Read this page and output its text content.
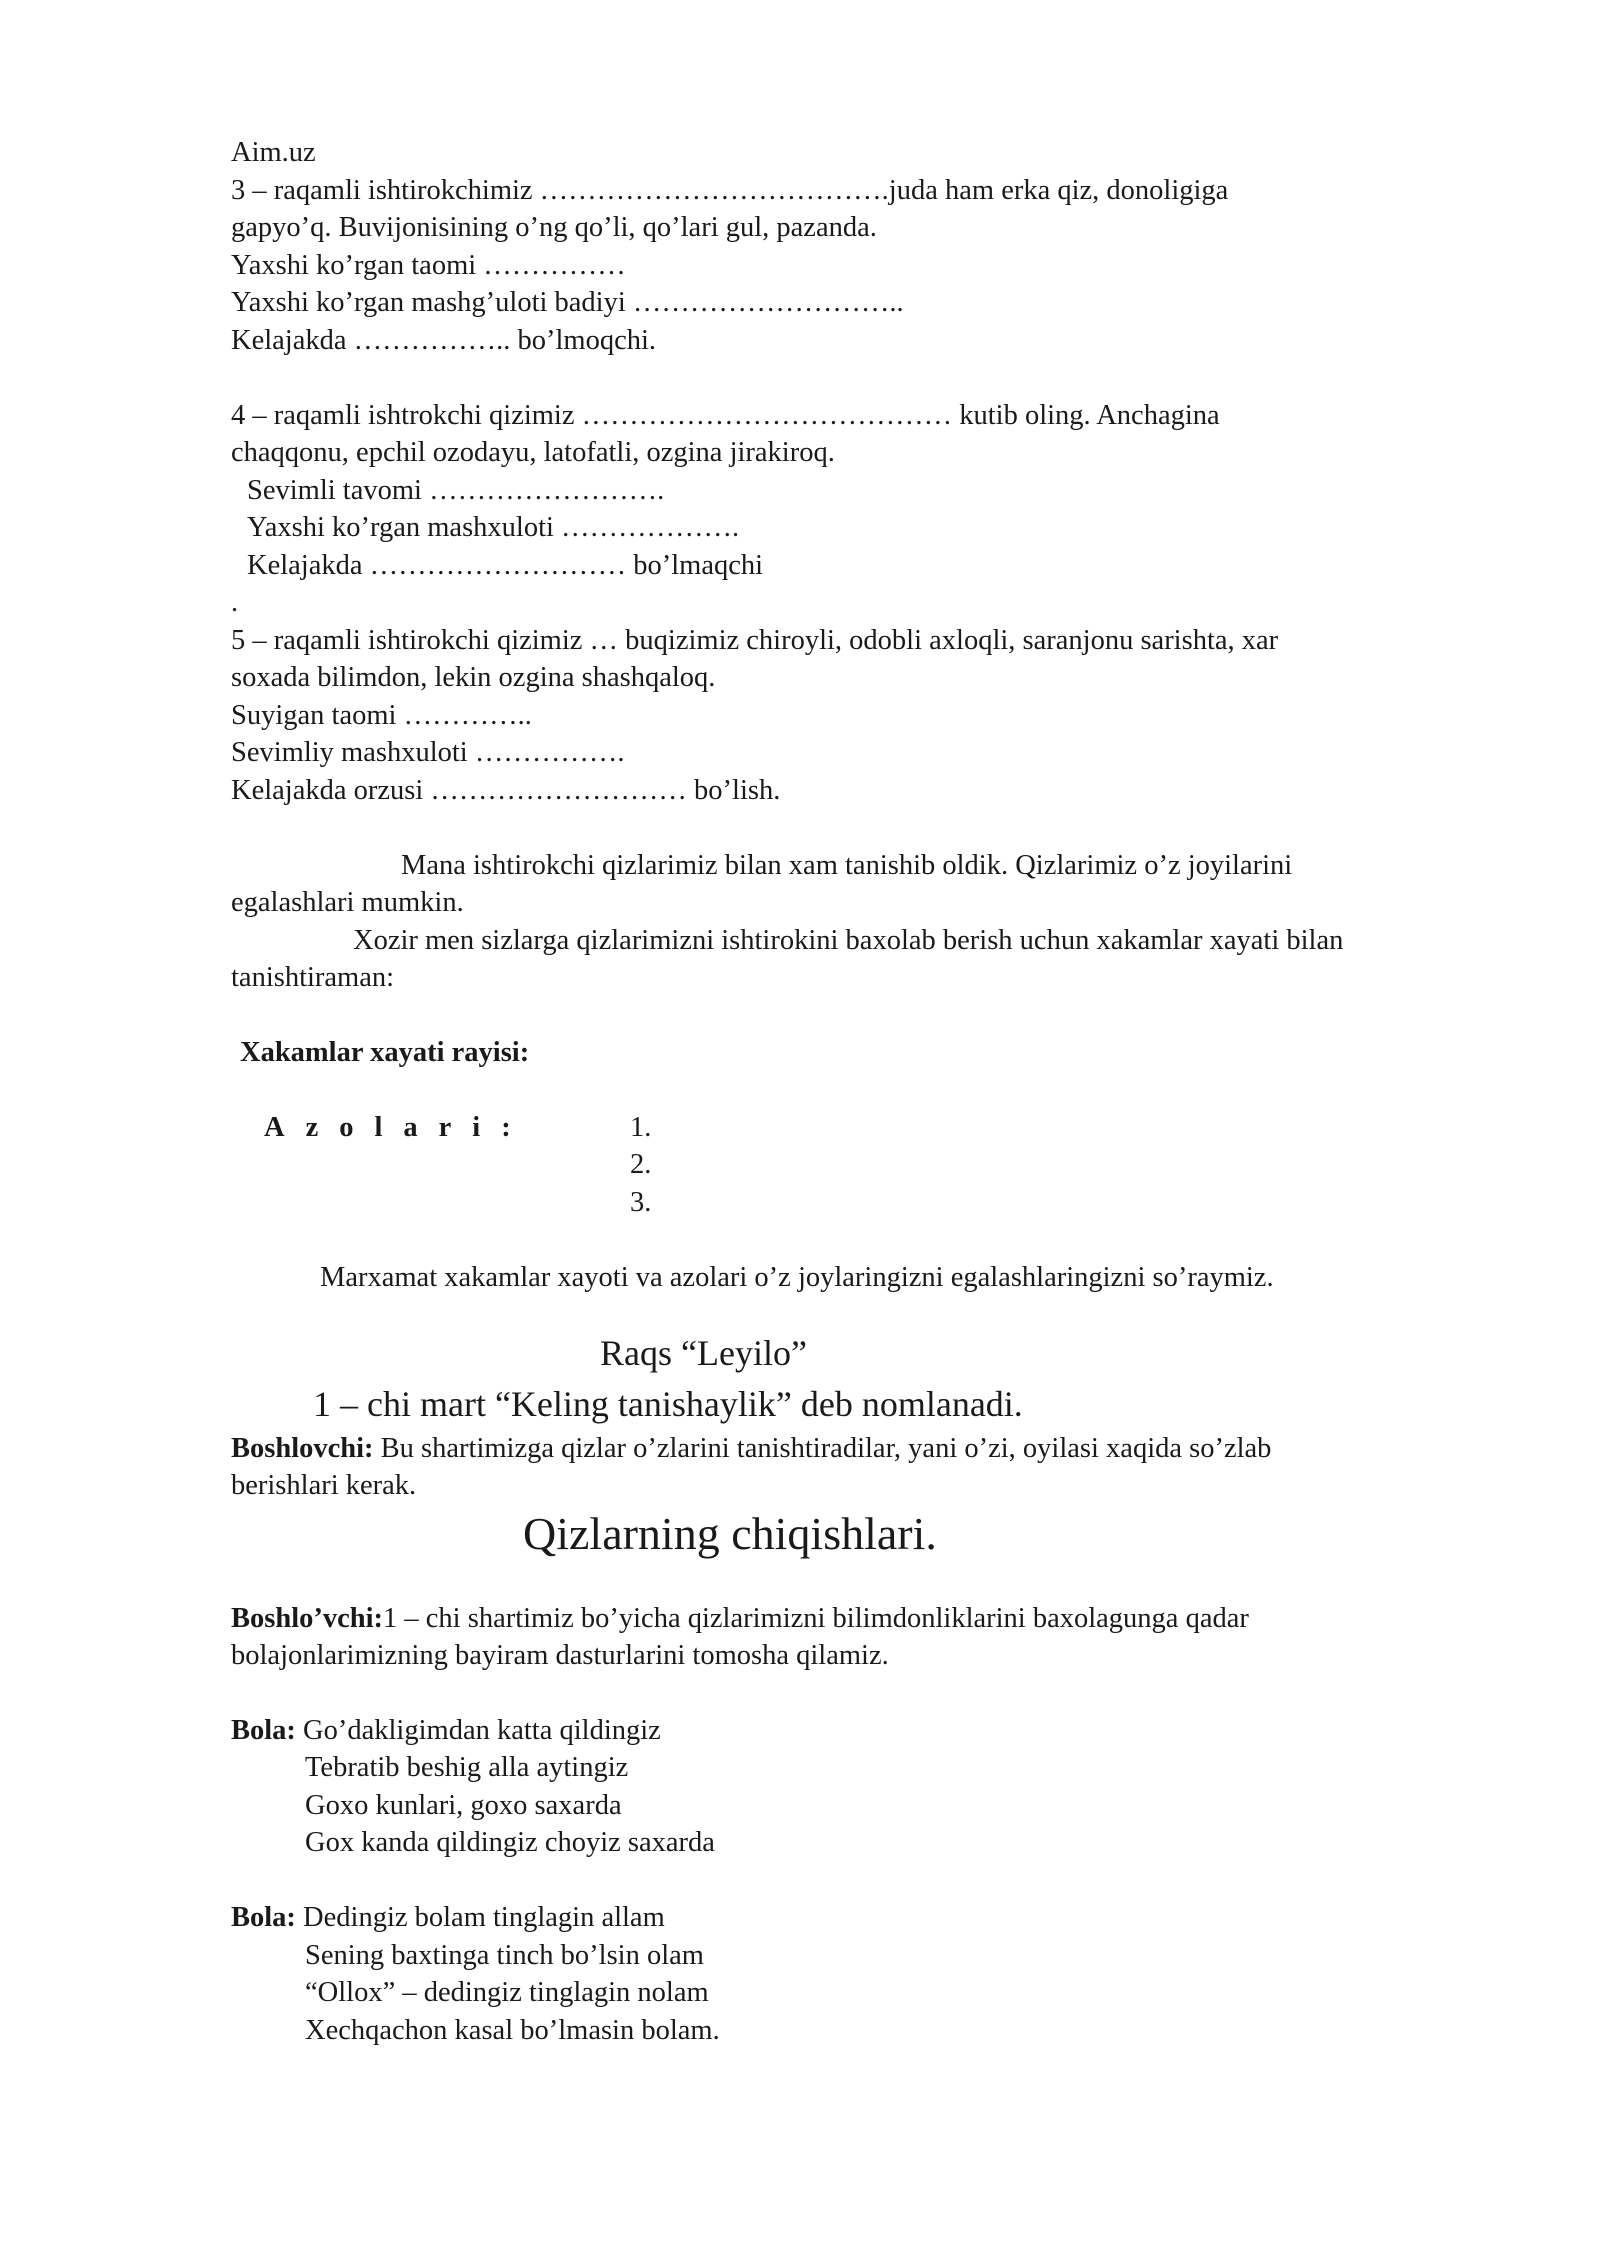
Aim.uz
3 – raqamli ishtirokchimiz ……………………………….juda ham erka qiz, donoligiga
gapyo’q. Buvijonisining o’ng qo’li, qo’lari gul, pazanda.
Yaxshi ko’rgan taomi ……………
Yaxshi ko’rgan mashg’uloti badiyi ………………………..
Kelajakda …………….. bo’lmoqchi.
4 – raqamli ishtrokchi qizimiz ………………………………… kutib oling. Anchagina
chaqqonu, epchil ozodayu, latofatli, ozgina jirakiroq.
Sevimli tavomi …………………….
Yaxshi ko’rgan mashxuloti ……………….
Kelajakda ……………………… bo’lmaqchi
.
5 – raqamli ishtirokchi qizimiz … buqizimiz chiroyli, odobli axloqli, saranjonu sarishta, xar
soxada bilimdon, lekin ozgina shashqaloq.
Suyigan taomi …………..
Sevimliy mashxuloti …………….
Kelajakda orzusi ……………………… bo’lish.
Mana ishtirokchi qizlarimiz bilan xam tanishib oldik. Qizlarimiz o’z joyilarini
egalashlari mumkin.
Xozir men sizlarga qizlarimizni ishtirokini baxolab berish uchun xakamlar xayati bilan
tanishtiraman:
Xakamlar xayati rayisi:
Azolari:	1.
2.
3.
Marxamat xakamlar xayoti va azolari o’z joylaringizni egalashlaringizni so’raymiz.
Raqs “Leyilo”
1 – chi mart “Keling tanishaylik” deb nomlanadi.
Boshlovchi: Bu shartimizga qizlar o’zlarini tanishtiradilar, yani o’zi, oyilasi xaqida so’zlab
berishlari kerak.
Qizlarning chiqishlari.
Boshlo’vchi:1 – chi shartimiz bo’yicha qizlarimizni bilimdonliklarini baxolagunga qadar
bolajonlarimizning bayiram dasturlarini tomosha qilamiz.
Bola: Go’dakligimdan katta qildingiz
Tebratib beshig alla aytingiz
Goxo kunlari, goxo saxarda
Gox kanda qildingiz choyiz saxarda
Bola: Dedingiz bolam tinglagin allam
Sening baxtinga tinch bo’lsin olam
“Ollox” – dedingiz tinglagin nolam
Xechqachon kasal bo’lmasin bolam.
